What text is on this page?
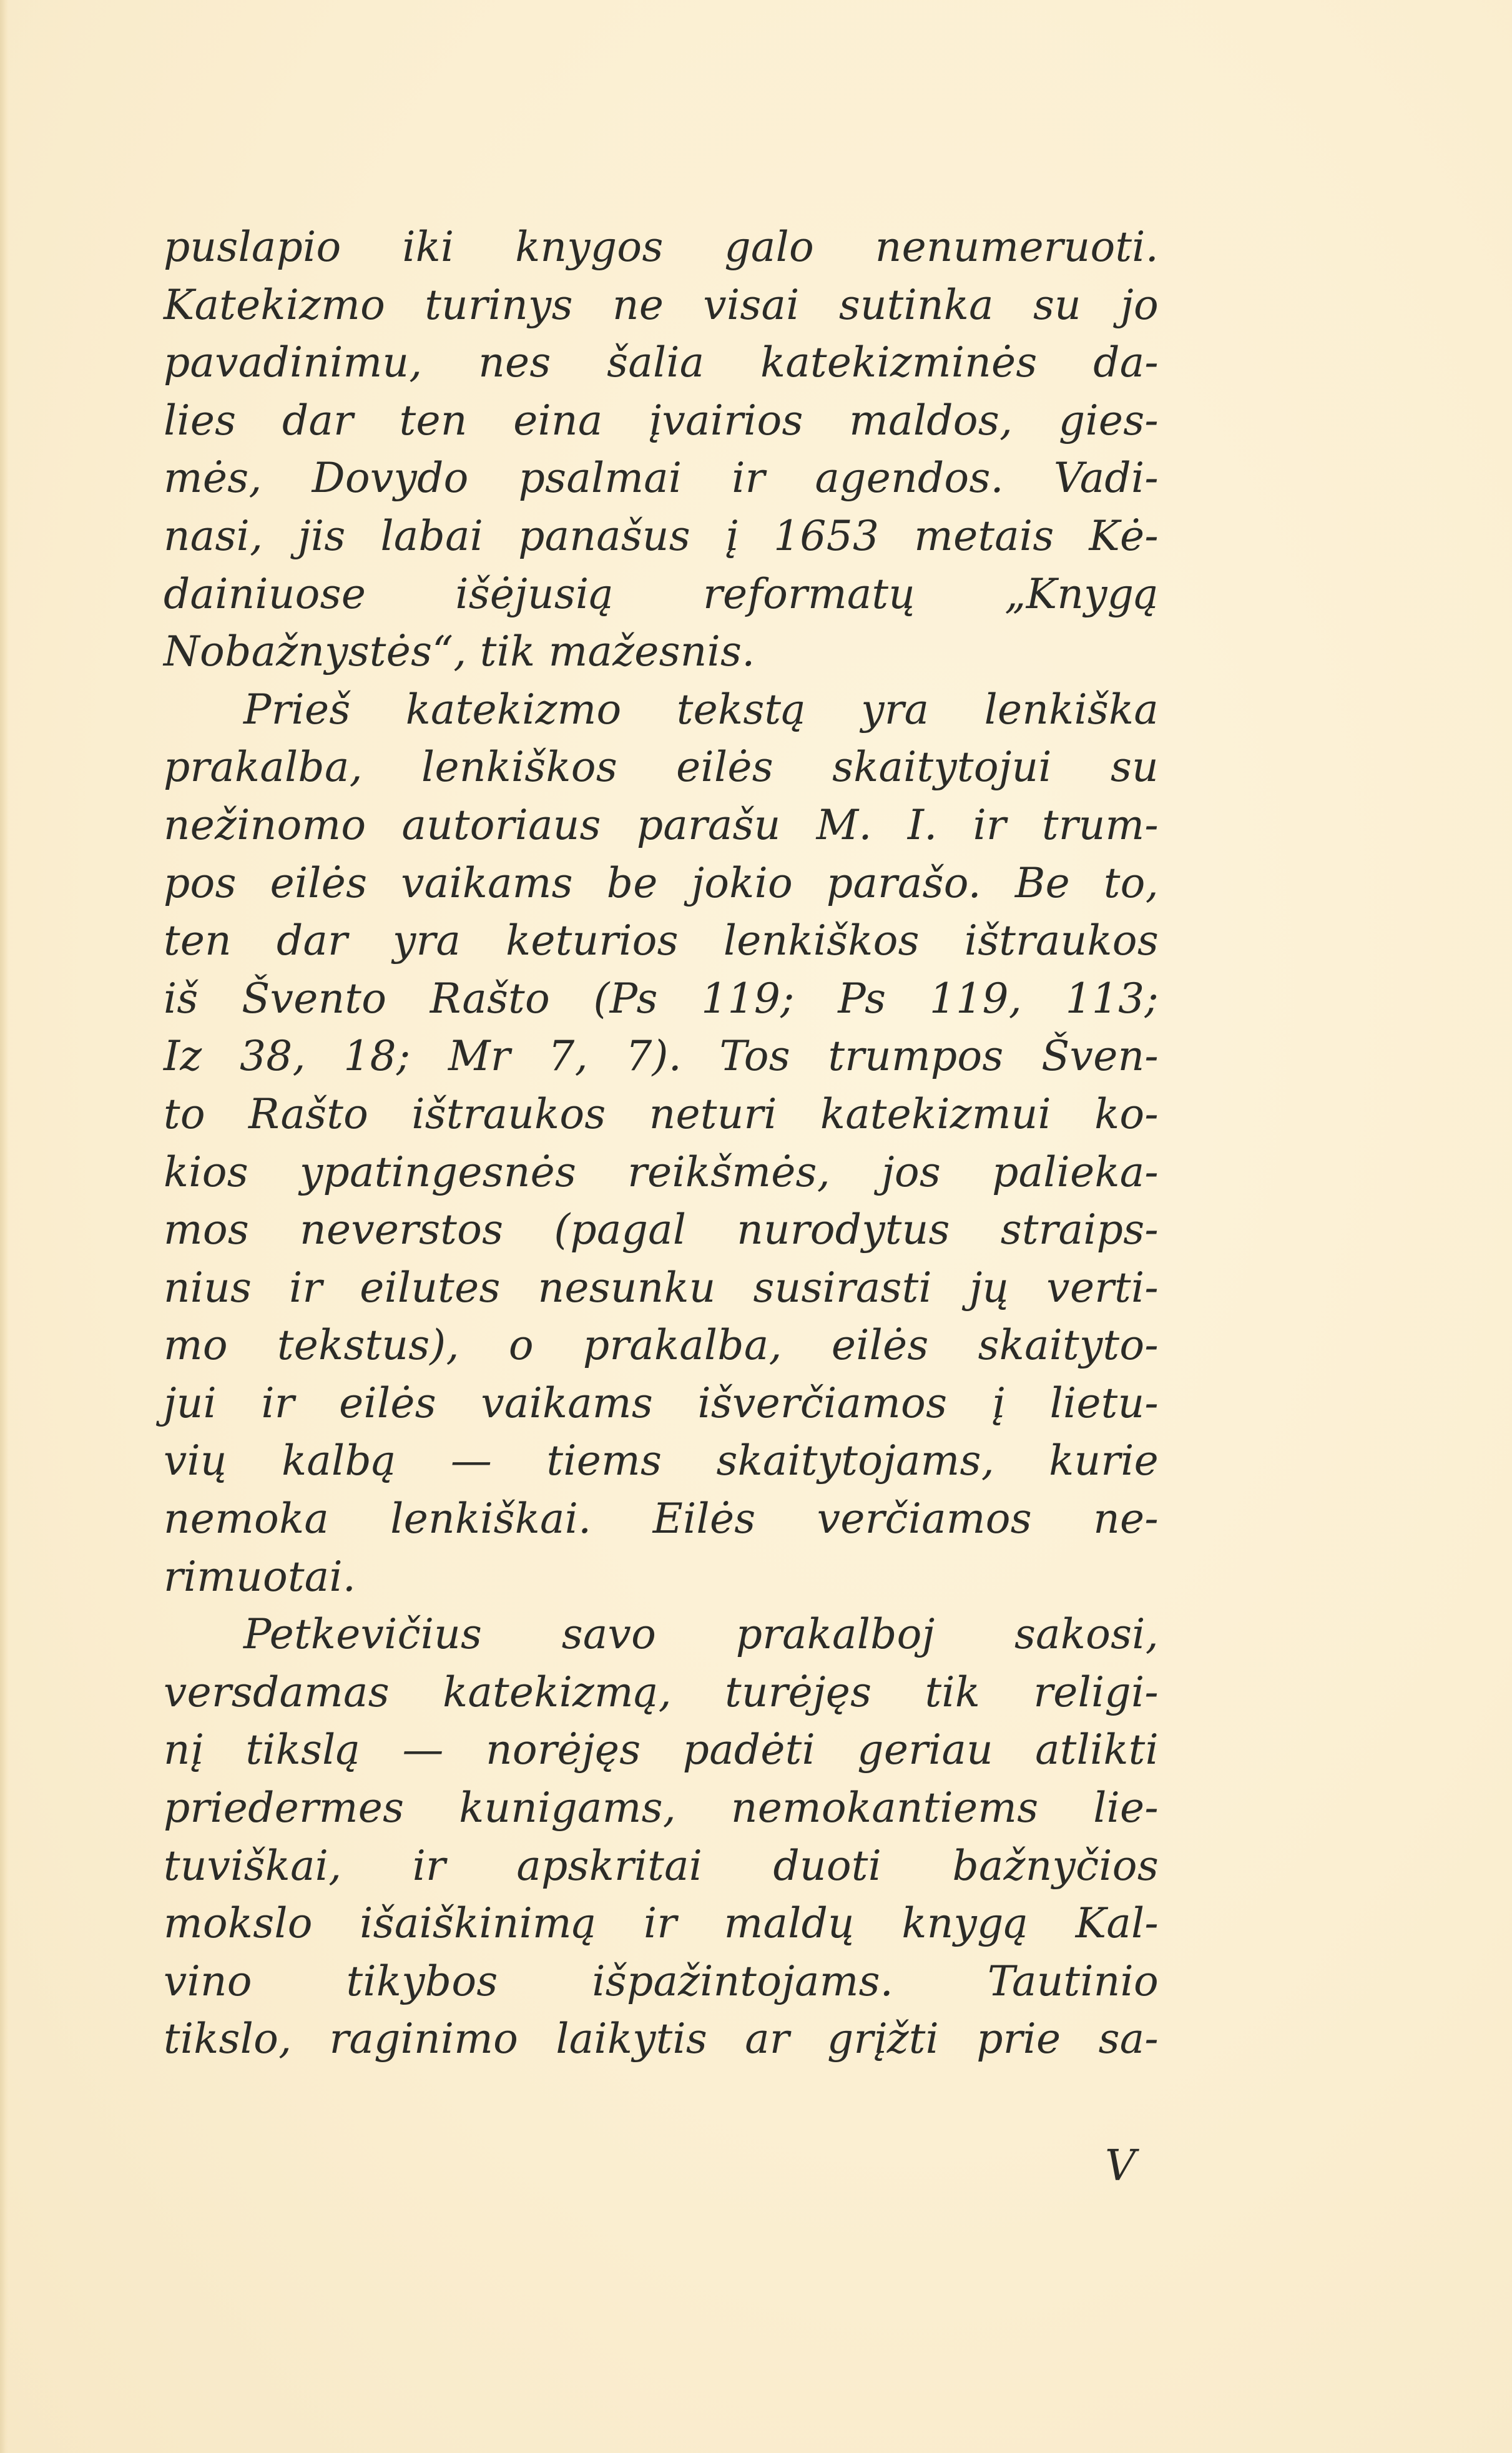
puslapio iki knygos galo nenumeruoti.
Katekizmo turinys ne visai sutinka su jo
pavadinimu, nes šalia katekizminės da-
lies dar ten eina įvairios maldos, gies-
mės, Dovydo psalmai ir agendos. Vadi-
nasi, jis labai panašus į 1653 metais Kė-
dainiuose išėjusią reformatų „Knygą
Nobažnystės“, tik mažesnis.
Prieš katekizmo tekstą yra lenkiška
prakalba, lenkiškos eilės skaitytojui su
nežinomo autoriaus parašu M. I. ir trum-
pos eilės vaikams be jokio parašo. Be to,
ten dar yra keturios lenkiškos ištraukos
iš Švento Rašto (Ps 119; Ps 119, 113;
Iz 38, 18; Mr 7, 7). Tos trumpos Šven-
to Rašto ištraukos neturi katekizmui ko-
kios ypatingesnės reikšmės, jos palieka-
mos neverstos (pagal nurodytus straips-
nius ir eilutes nesunku susirasti jų verti-
mo tekstus), o prakalba, eilės skaityto-
jui ir eilės vaikams išverčiamos į lietu-
vių kalbą — tiems skaitytojams, kurie
nemoka lenkiškai. Eilės verčiamos ne-
rimuotai.
Petkevičius savo prakalboj sakosi,
versdamas katekizmą, turėjęs tik religi-
nį tikslą — norėjęs padėti geriau atlikti
priedermes kunigams, nemokantiems lie-
tuviškai, ir apskritai duoti bažnyčios
mokslo išaiškinimą ir maldų knygą Kal-
vino tikybos išpažintojams. Tautinio
tikslo, raginimo laikytis ar grįžti prie sa-
V
